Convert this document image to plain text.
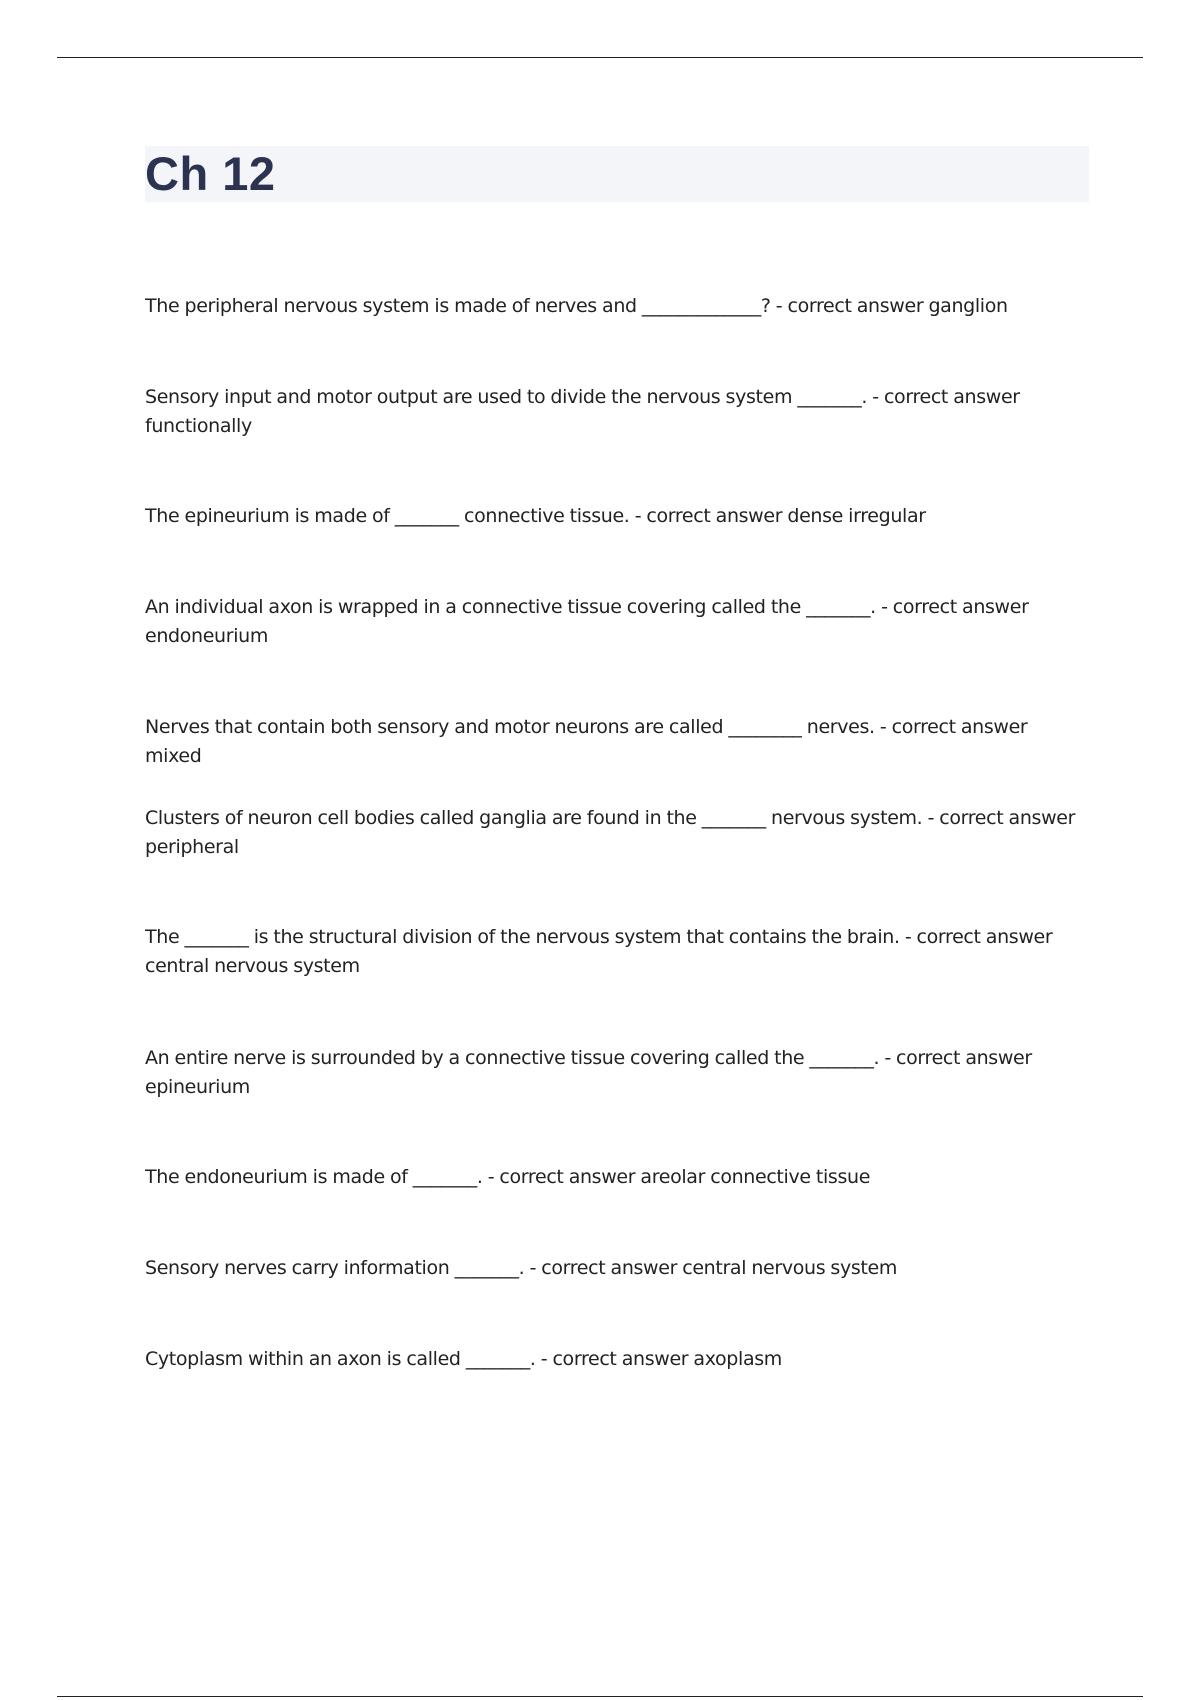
Ch 12
The peripheral nervous system is made of nerves and _____________? - correct answer ganglion
Sensory input and motor output are used to divide the nervous system _______. - correct answer functionally
The epineurium is made of _______ connective tissue. - correct answer dense irregular
An individual axon is wrapped in a connective tissue covering called the _______. - correct answer endoneurium
Nerves that contain both sensory and motor neurons are called ________ nerves. - correct answer mixed
Clusters of neuron cell bodies called ganglia are found in the _______ nervous system. - correct answer peripheral
The _______ is the structural division of the nervous system that contains the brain. - correct answer central nervous system
An entire nerve is surrounded by a connective tissue covering called the _______. - correct answer epineurium
The endoneurium is made of _______. - correct answer areolar connective tissue
Sensory nerves carry information _______. - correct answer central nervous system
Cytoplasm within an axon is called _______. - correct answer axoplasm
